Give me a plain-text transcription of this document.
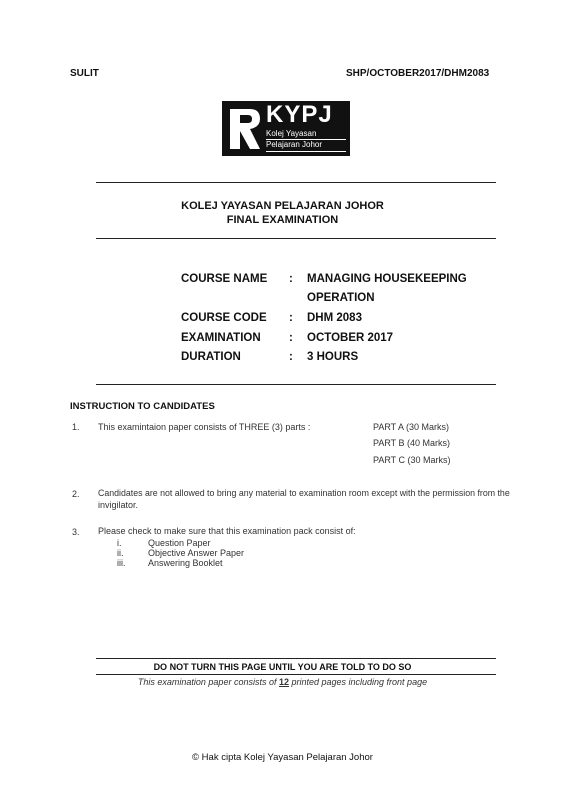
SULIT	SHP/OCTOBER2017/DHM2083
KYPJ
Kolej Yayasan
Pelajaran Johor
KOLEJ YAYASAN PELAJARAN JOHOR
FINAL EXAMINATION
COURSE NAME : MANAGING HOUSEKEEPING
OPERATION
COURSE CODE : DHM 2083
EXAMINATION : OCTOBER 2017
DURATION	: 3 HOURS
INSTRUCTION TO CANDIDATES
1. This examintaion paper consists of THREE (3) parts :	PART A (30 Marks)
PART B (40 Marks)
PART C (30 Marks)
2. Candidates are not allowed to bring any material to examination room except with the permission from the
invigilator.
3. Please check to make sure that this examination pack consist of:
i.	Question Paper
ii.	Objective Answer Paper
iii.	Answering Booklet
DO NOT TURN THIS PAGE UNTIL YOU ARE TOLD TO DO SO
This examination paper consists of 12 printed pages including front page
© Hak cipta Kolej Yayasan Pelajaran Johor
